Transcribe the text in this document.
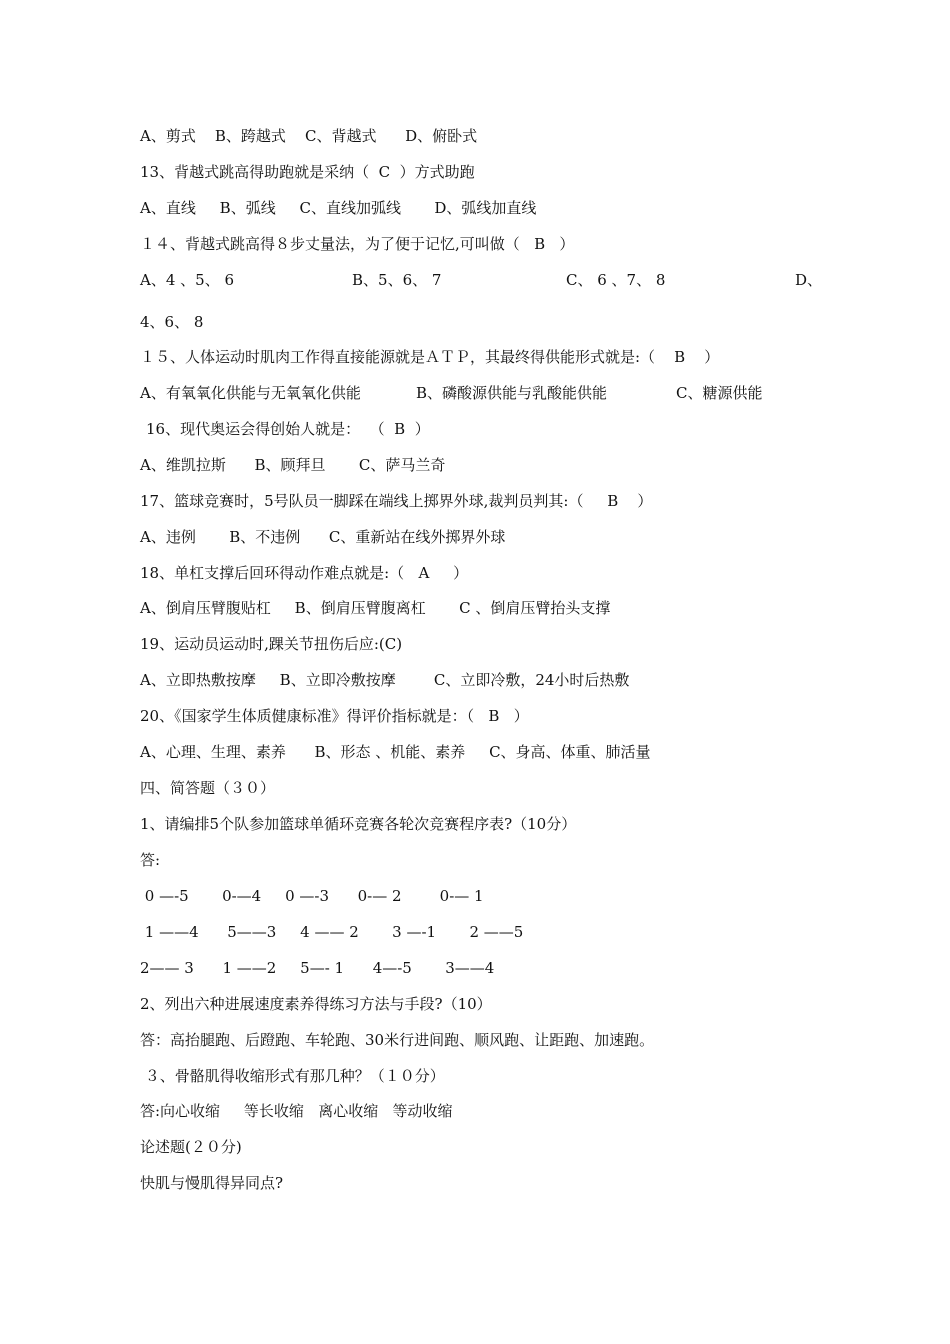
A、剪式    B、跨越式    C、背越式      D、俯卧式
13、背越式跳高得助跑就是采纳（  C  ）方式助跑
A、直线     B、弧线     C、直线加弧线       D、弧线加直线
１４、背越式跳高得８步丈量法，为了便于记忆,可叫做（   B   ）
A、4 、5、 6	B、5、6、 7	C、 6 、7、 8	D、
4、6、 8
１５、人体运动时肌肉工作得直接能源就是ＡＴＰ，其最终得供能形式就是:（    B    ）
A、有氧氧化供能与无氧氧化供能	B、磷酸源供能与乳酸能供能	C、糖源供能
16、现代奥运会得创始人就是：  （  B  ）
A、维凯拉斯      B、顾拜旦       C、萨马兰奇
17、篮球竞赛时，5号队员一脚踩在端线上掷界外球,裁判员判其:（     B    ）
A、违例       B、不违例      C、重新站在线外掷界外球
18、单杠支撑后回环得动作难点就是:（   A     ）
A、倒肩压臂腹贴杠     B、倒肩压臂腹离杠       C 、倒肩压臂抬头支撑
19、运动员运动时,踝关节扭伤后应:(C)
A、立即热敷按摩     B、立即冷敷按摩        C、立即冷敷，24小时后热敷
20、《国家学生体质健康标准》得评价指标就是：（   B   ）
A、心理、生理、素养      B、形态 、机能、素养     C、身高、体重、肺活量
四、简答题（３０）
1、请编排5个队参加篮球单循环竞赛各轮次竞赛程序表?（10分）
答:
0 —-5       0-—4     0 —-3      0-— 2        0-— 1
1 ——4      5——3     4 —— 2       3 —-1       2 ——5
2—— 3      1 ——2     5—- 1      4—-5       3——4
2、列出六种进展速度素养得练习方法与手段?（10）
答：高抬腿跑、后蹬跑、车轮跑、30米行进间跑、顺风跑、让距跑、加速跑。
３、骨骼肌得收缩形式有那几种？（１０分）
答:向心收缩     等长收缩   离心收缩   等动收缩
论述题(２０分)
快肌与慢肌得异同点?
